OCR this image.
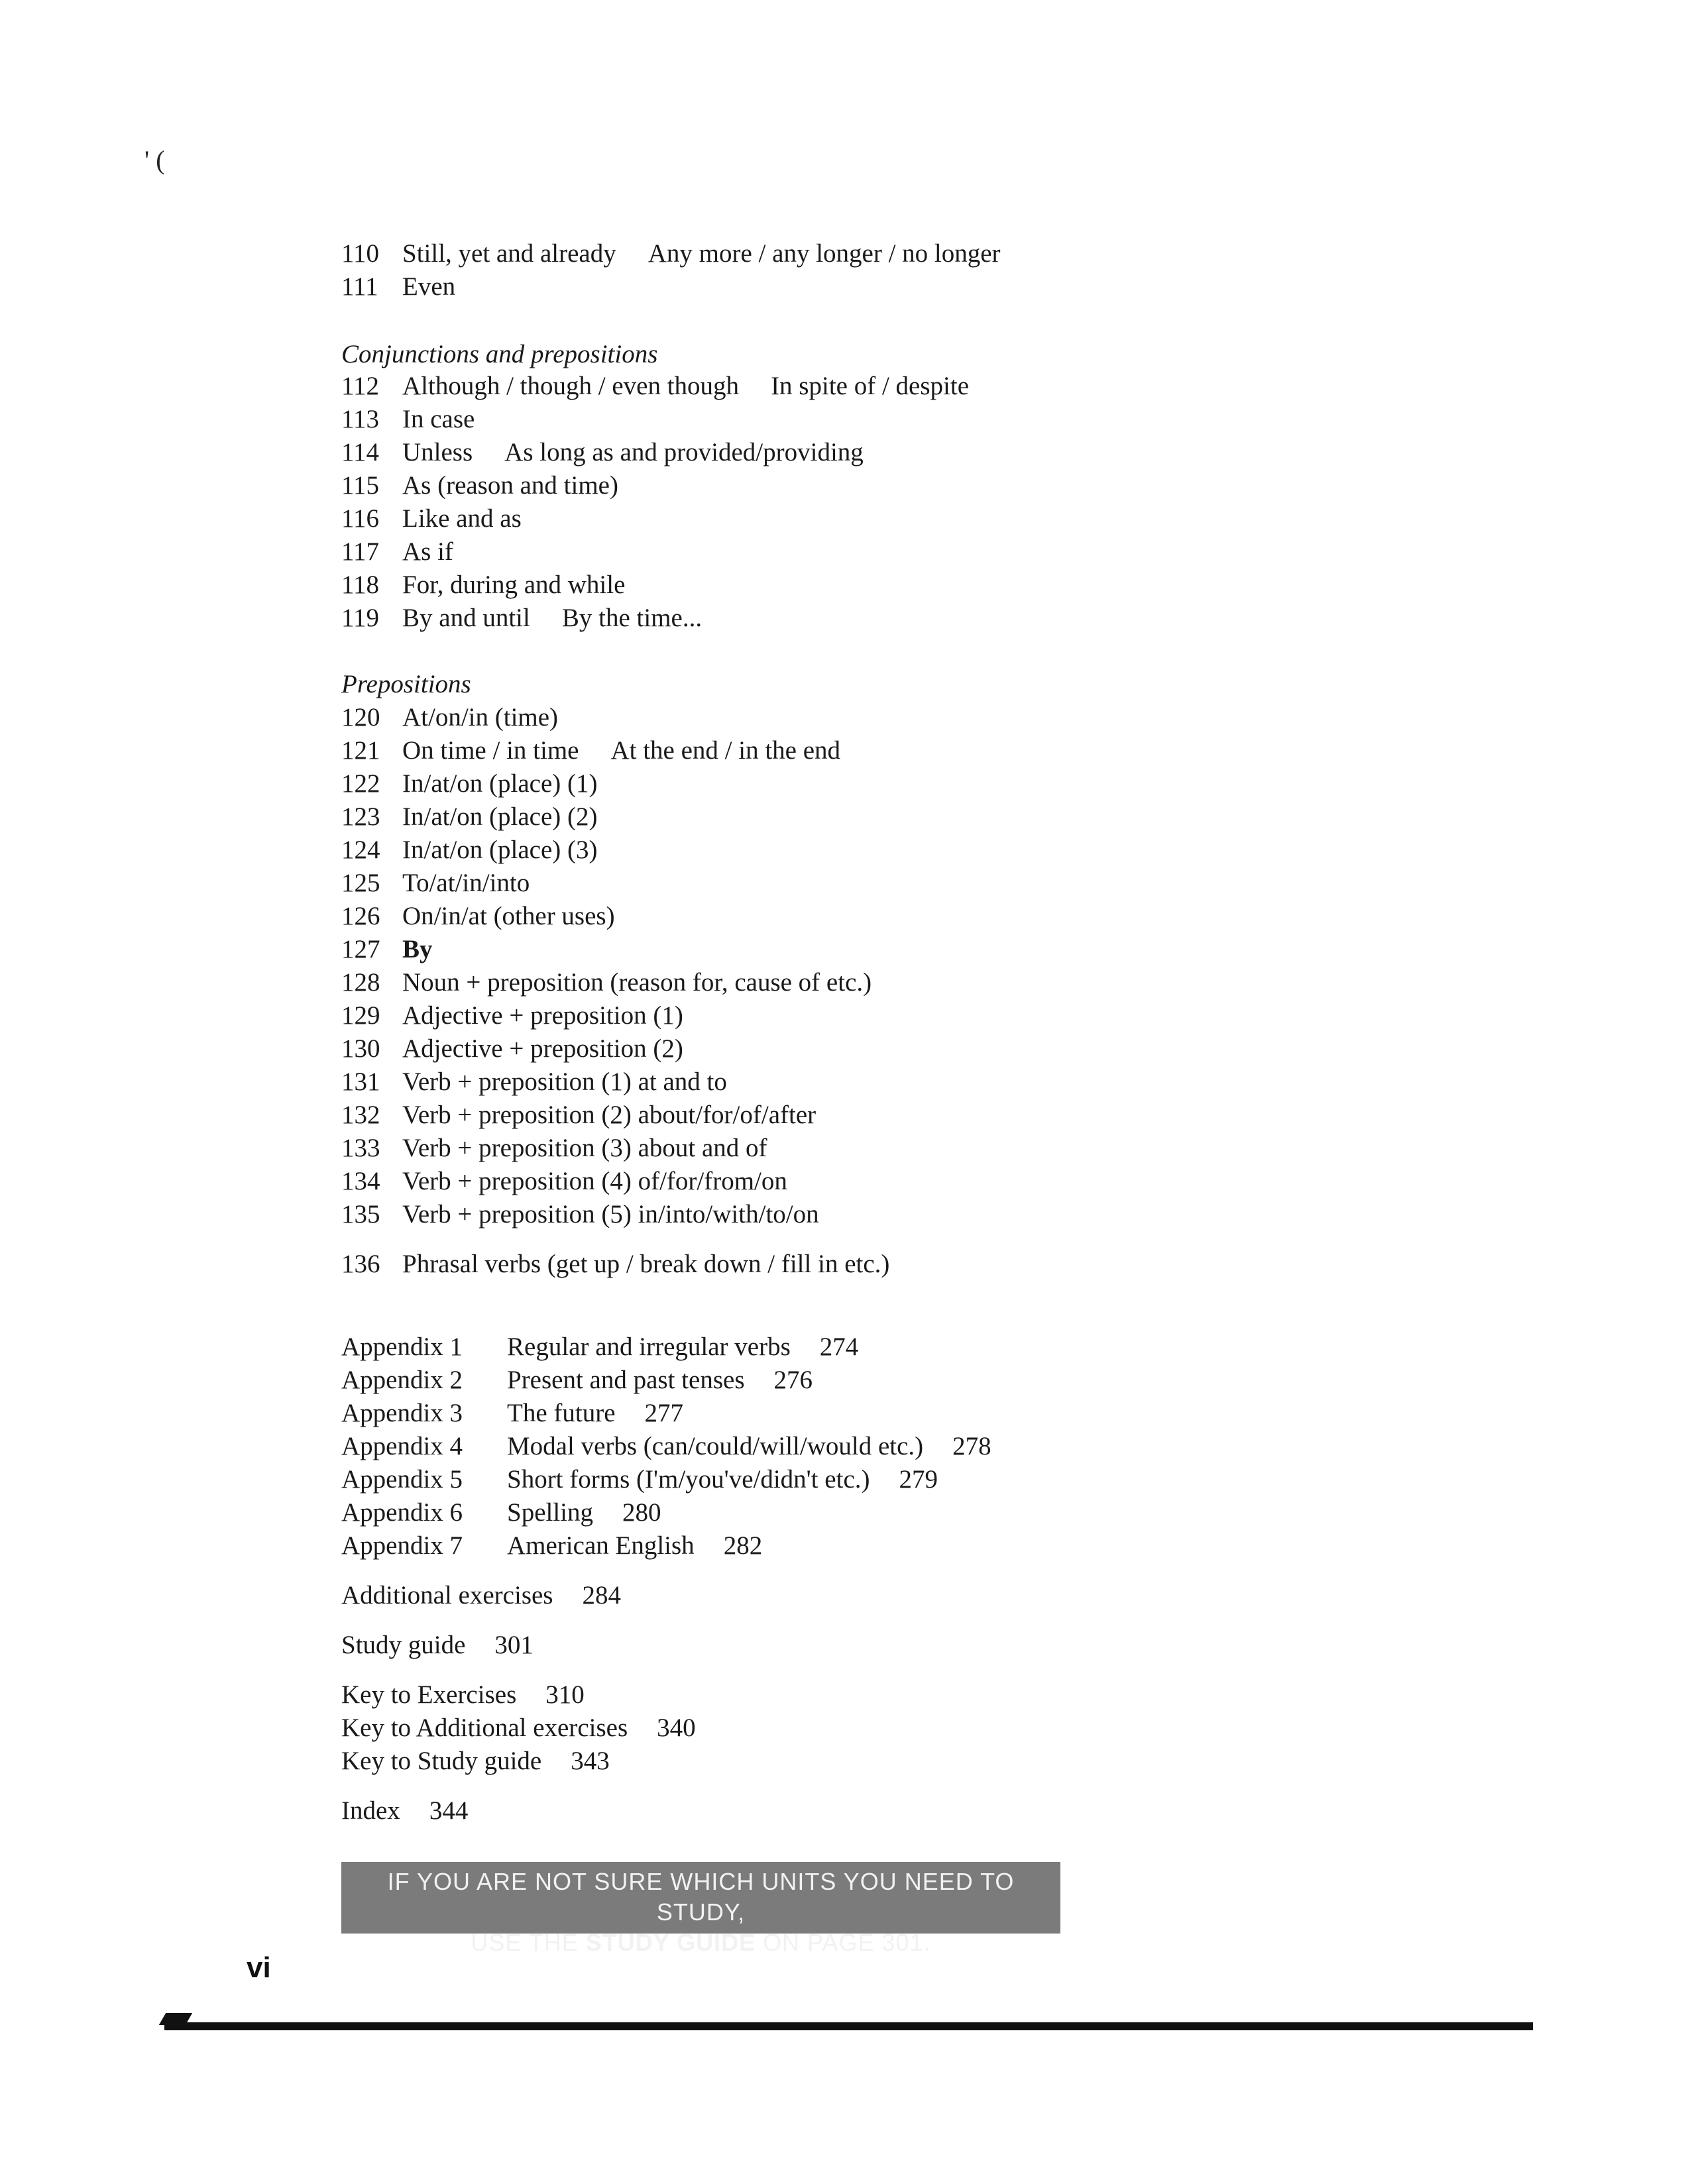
' (
110 Still, yet and already Any more / any longer / no longer
111 Even
Conjunctions and prepositions
112 Although / though / even though In spite of / despite
113 In case
114 Unless As long as and provided/providing
115 As (reason and time)
116 Like and as
117 As if
118 For, during and while
119 By and until By the time...
Prepositions
120 At/on/in (time)
121 On time / in time At the end / in the end
122 In/at/on (place) (1)
123 In/at/on (place) (2)
124 In/at/on (place) (3)
125 To/at/in/into
126 On/in/at (other uses)
127 By
128 Noun + preposition (reason for, cause of etc.)
129 Adjective + preposition (1)
130 Adjective + preposition (2)
131 Verb + preposition (1) at and to
132 Verb + preposition (2) about/for/of/after
133 Verb + preposition (3) about and of
134 Verb + preposition (4) of/for/from/on
135 Verb + preposition (5) in/into/with/to/on
136 Phrasal verbs (get up / break down / fill in etc.)
Appendix 1 Regular and irregular verbs 274
Appendix 2 Present and past tenses 276
Appendix 3 The future 277
Appendix 4 Modal verbs (can/could/will/would etc.) 278
Appendix 5 Short forms (I'm/you've/didn't etc.) 279
Appendix 6 Spelling 280
Appendix 7 American English 282
Additional exercises 284
Study guide 301
Key to Exercises 310
Key to Additional exercises 340
Key to Study guide 343
Index 344
IF YOU ARE NOT SURE WHICH UNITS YOU NEED TO STUDY,
USE THE STUDY GUIDE ON PAGE 301.
vi
